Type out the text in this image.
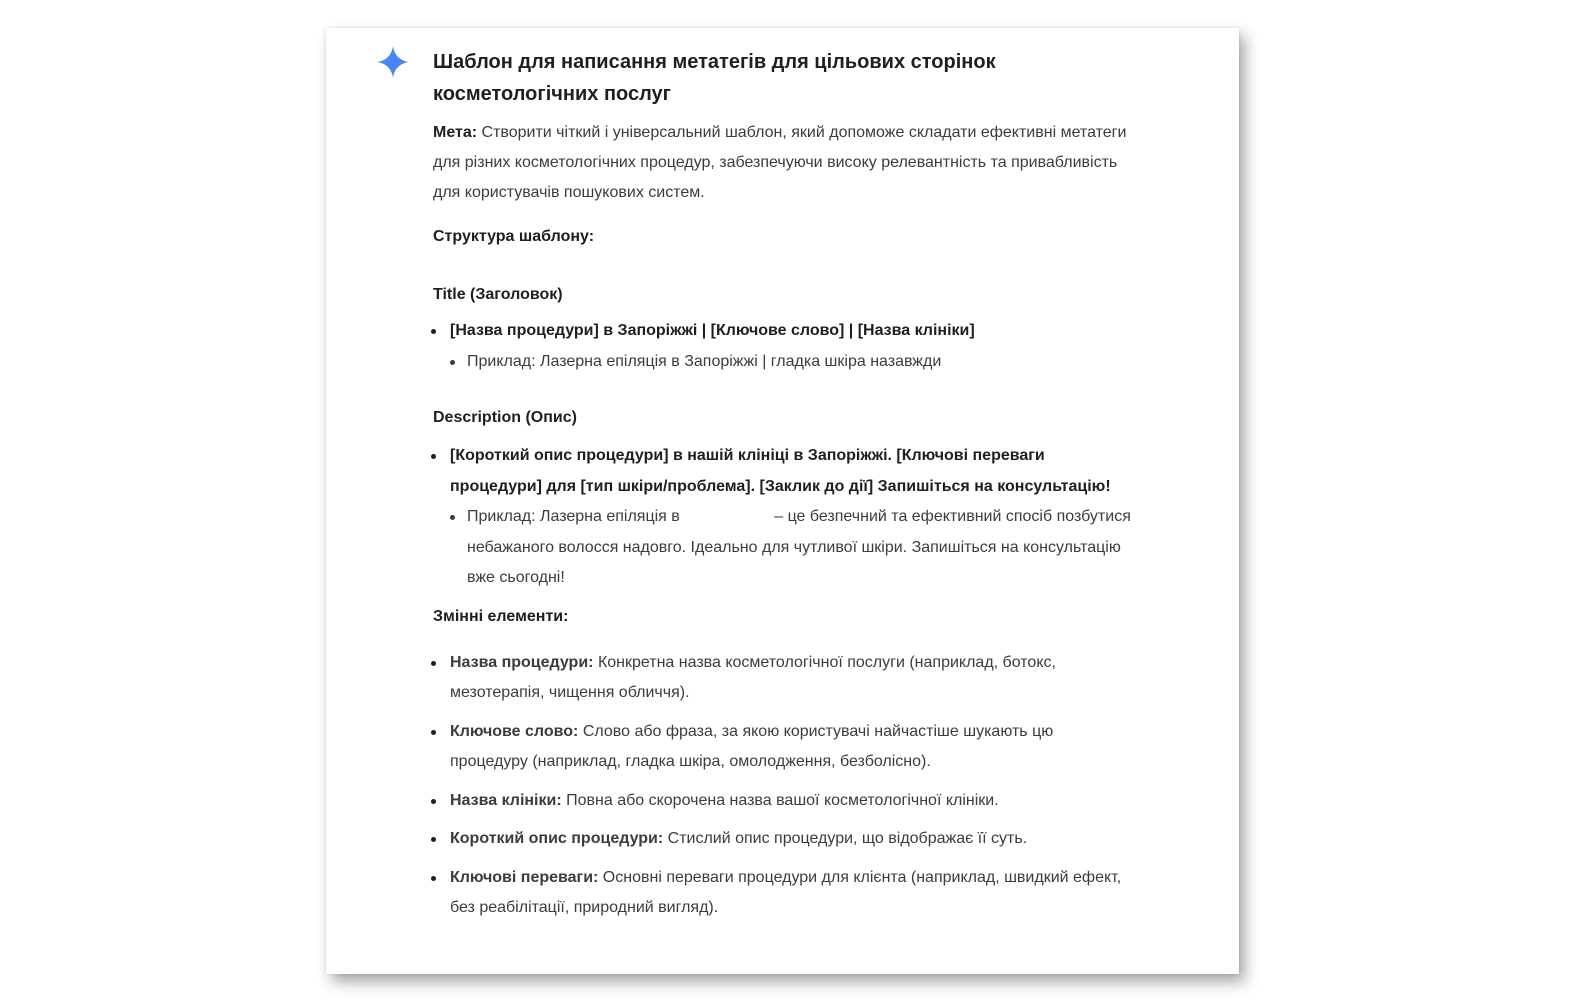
Шаблон для написання метатегів для цільових сторінок косметологічних послуг

Мета: Створити чіткий і універсальний шаблон, який допоможе складати ефективні метатеги для різних косметологічних процедур, забезпечуючи високу релевантність та привабливість для користувачів пошукових систем.

Структура шаблону:

Title (Заголовок)

[Назва процедури] в Запоріжжі | [Ключове слово] | [Назва клініки]
Приклад: Лазерна епіляція в Запоріжжі | гладка шкіра назавжди

Description (Опис)

[Короткий опис процедури] в нашій клініці в Запоріжжі. [Ключові переваги процедури] для [тип шкіри/проблема]. [Заклик до дії] Запишіться на консультацію!
Приклад: Лазерна епіляція в	– це безпечний та ефективний спосіб позбутися небажаного волосся надовго. Ідеально для чутливої шкіри. Запишіться на консультацію вже сьогодні!

Змінні елементи:

Назва процедури: Конкретна назва косметологічної послуги (наприклад, ботокс, мезотерапія, чищення обличчя).
Ключове слово: Слово або фраза, за якою користувачі найчастіше шукають цю процедуру (наприклад, гладка шкіра, омолодження, безболісно).
Назва клініки: Повна або скорочена назва вашої косметологічної клініки.
Короткий опис процедури: Стислий опис процедури, що відображає її суть.
Ключові переваги: Основні переваги процедури для клієнта (наприклад, швидкий ефект, без реабілітації, природний вигляд).
